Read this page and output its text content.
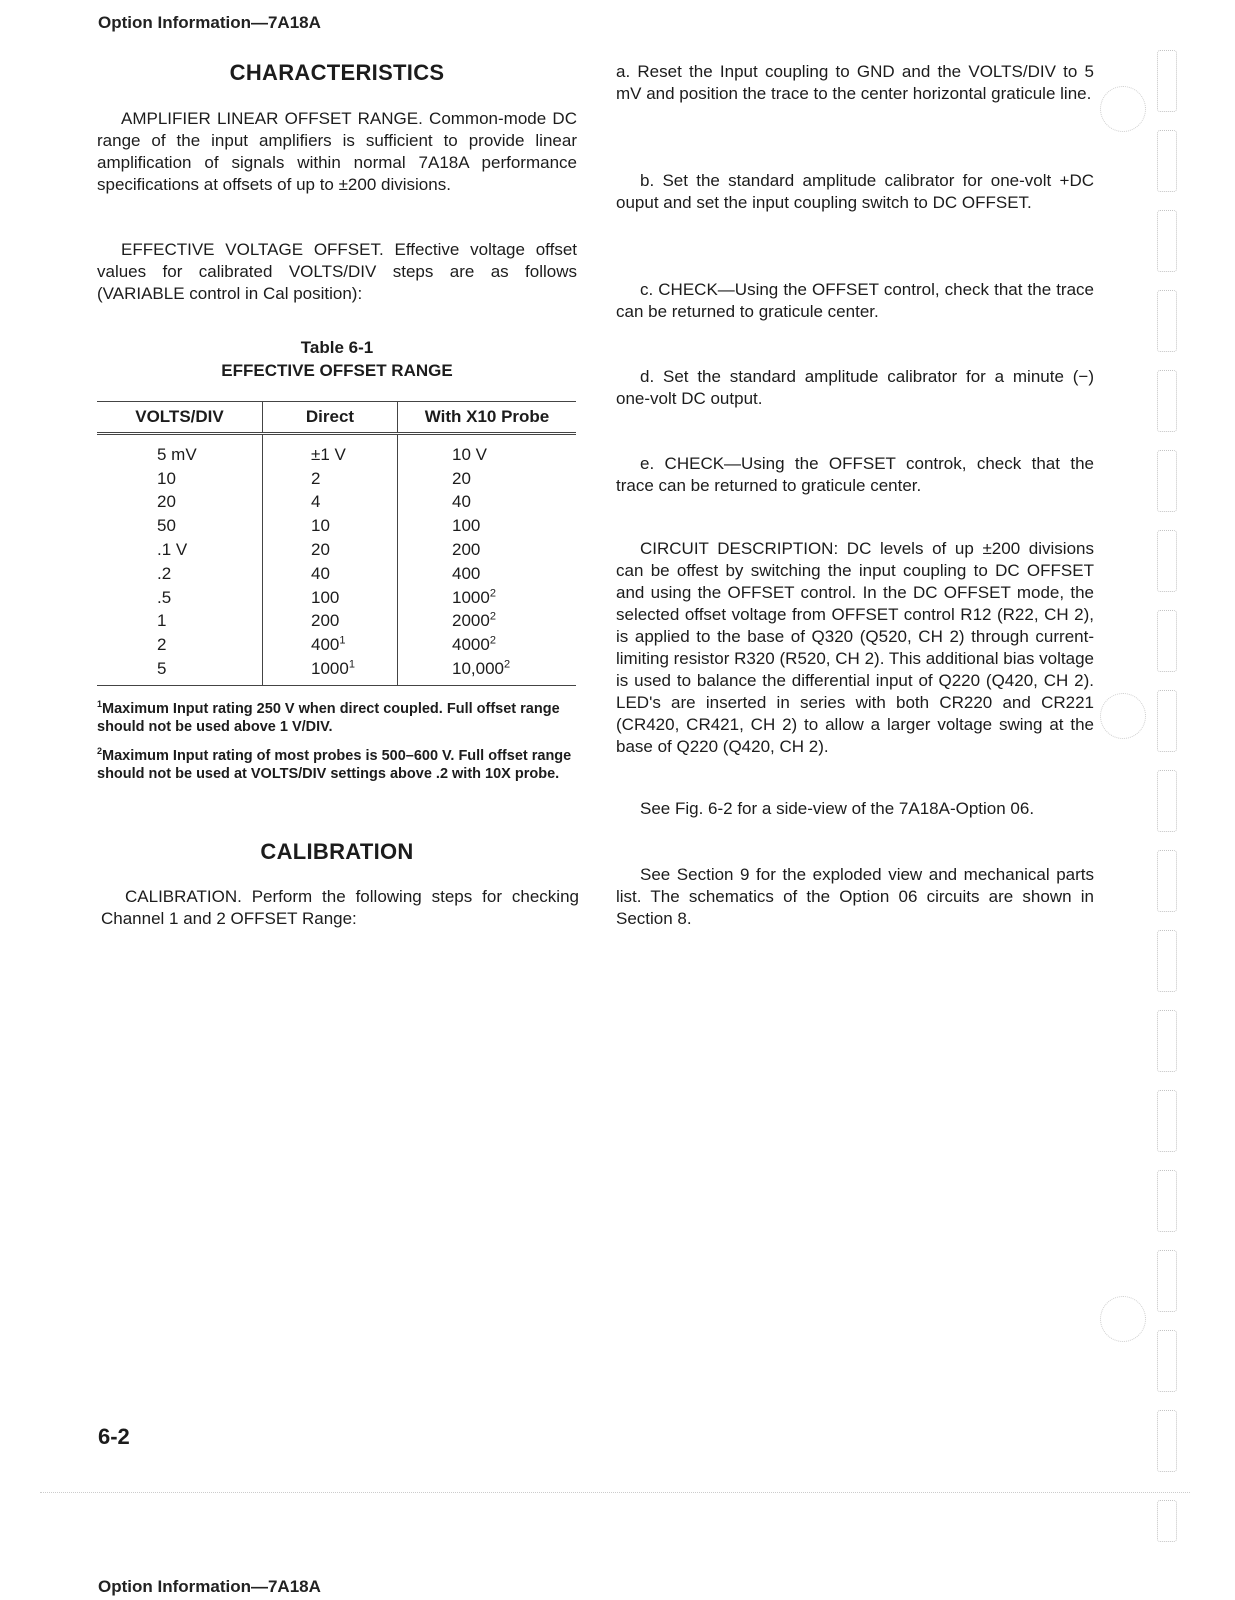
Option Information—7A18A
CHARACTERISTICS

AMPLIFIER LINEAR OFFSET RANGE. Common-mode DC range of the input amplifiers is sufficient to provide linear amplification of signals within normal 7A18A performance specifications at offsets of up to ±200 divisions.

EFFECTIVE VOLTAGE OFFSET. Effective voltage offset values for calibrated VOLTS/DIV steps are as follows (VARIABLE control in Cal position):

Table 6-1
EFFECTIVE OFFSET RANGE
VOLTS/DIV	Direct	With X10 Probe
5 mV	±1 V	10 V
10	2	20
20	4	40
50	10	100
.1 V	20	200
.2	40	400
.5	100	1000$^2$
1	200	2000$^2$
2	$400^1$	4000$^2$
5	1000$^1$	10,000$^2$
$^1$Maximum Input rating 250 V when direct coupled. Full offset range should not be used above 1 V/DIV.
$^2$Maximum Input rating of most probes is 500–600 V. Full offset range should not be used at VOLTS/DIV settings above .2 with 10X probe.
CALIBRATION

CALIBRATION. Perform the following steps for checking Channel 1 and 2 OFFSET Range:

a. Reset the Input coupling to GND and the VOLTS/DIV to 5 mV and position the trace to the center horizontal graticule line.

b. Set the standard amplitude calibrator for one-volt +DC ouput and set the input coupling switch to DC OFFSET.

c. CHECK—Using the OFFSET control, check that the trace can be returned to graticule center.

d. Set the standard amplitude calibrator for a minute (−) one-volt DC output.

e. CHECK—Using the OFFSET controk, check that the trace can be returned to graticule center.

CIRCUIT DESCRIPTION: DC levels of up ±200 divisions can be offest by switching the input coupling to DC OFFSET and using the OFFSET control. In the DC OFFSET mode, the selected offset voltage from OFFSET control R12 (R22, CH 2), is applied to the base of Q320 (Q520, CH 2) through current-limiting resistor R320 (R520, CH 2). This additional bias voltage is used to balance the differential input of Q220 (Q420, CH 2). LED's are inserted in series with both CR220 and CR221 (CR420, CR421, CH 2) to allow a larger voltage swing at the base of Q220 (Q420, CH 2).

See Fig. 6-2 for a side-view of the 7A18A-Option 06.

See Section 9 for the exploded view and mechanical parts list. The schematics of the Option 06 circuits are shown in Section 8.

6-2
Option Information—7A18A
